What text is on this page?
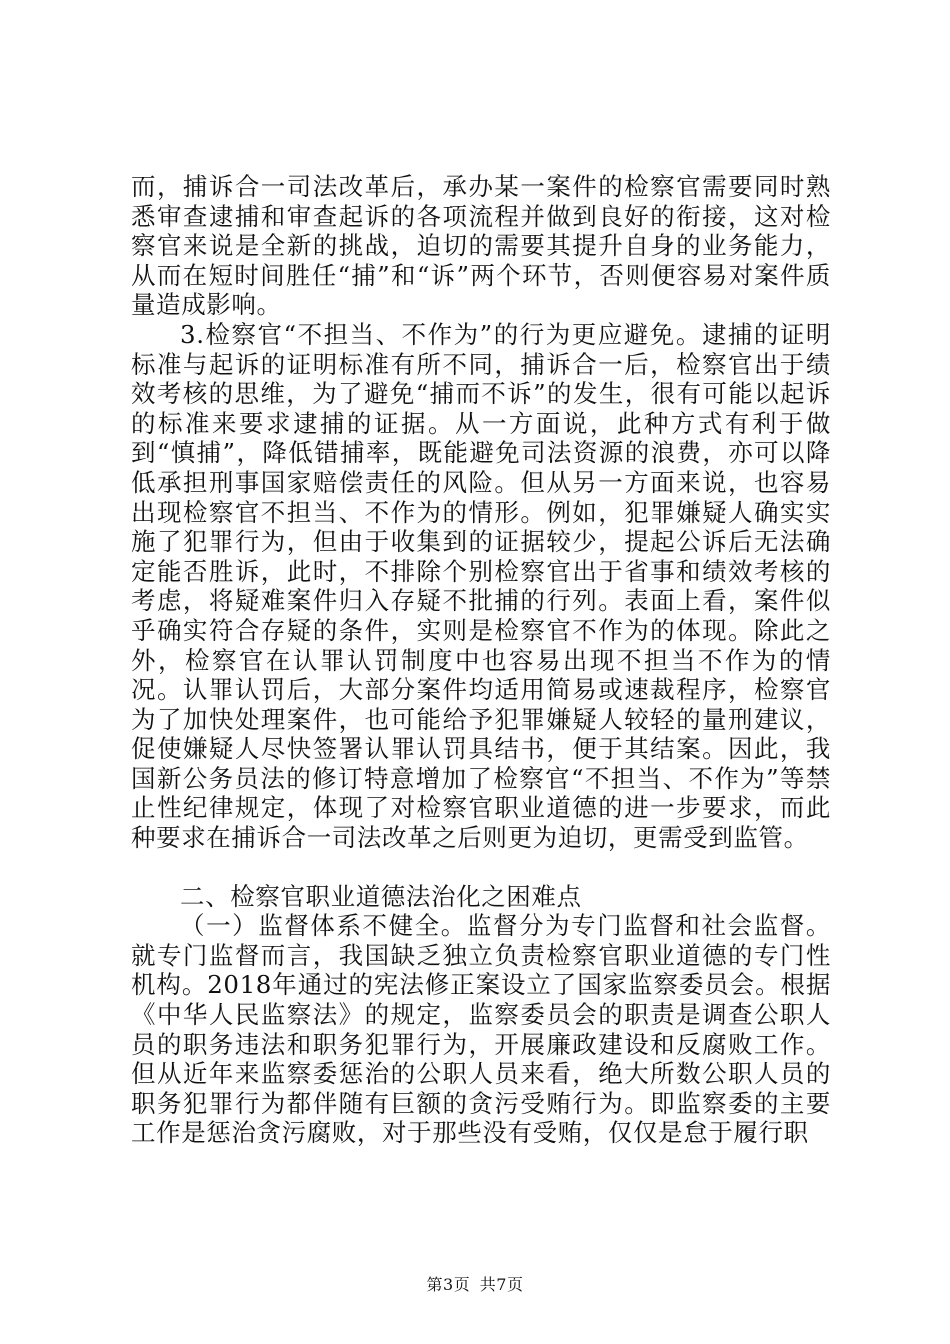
而，捕诉合一司法改革后，承办某一案件的检察官需要同时熟悉审查逮捕和审查起诉的各项流程并做到良好的衔接，这对检察官来说是全新的挑战，迫切的需要其提升自身的业务能力，从而在短时间胜任“捕”和“诉”两个环节，否则便容易对案件质量造成影响。

3.检察官“不担当、不作为”的行为更应避免。逮捕的证明标准与起诉的证明标准有所不同，捕诉合一后，检察官出于绩效考核的思维，为了避免“捕而不诉”的发生，很有可能以起诉的标准来要求逮捕的证据。从一方面说，此种方式有利于做到“慎捕”，降低错捕率，既能避免司法资源的浪费，亦可以降低承担刑事国家赔偿责任的风险。但从另一方面来说，也容易出现检察官不担当、不作为的情形。例如，犯罪嫌疑人确实实施了犯罪行为，但由于收集到的证据较少，提起公诉后无法确定能否胜诉，此时，不排除个别检察官出于省事和绩效考核的考虑，将疑难案件归入存疑不批捕的行列。表面上看，案件似乎确实符合存疑的条件，实则是检察官不作为的体现。除此之外，检察官在认罪认罚制度中也容易出现不担当不作为的情况。认罪认罚后，大部分案件均适用简易或速裁程序，检察官为了加快处理案件，也可能给予犯罪嫌疑人较轻的量刑建议，促使嫌疑人尽快签署认罪认罚具结书，便于其结案。因此，我国新公务员法的修订特意增加了检察官“不担当、不作为”等禁止性纪律规定，体现了对检察官职业道德的进一步要求，而此种要求在捕诉合一司法改革之后则更为迫切，更需受到监管。

二、检察官职业道德法治化之困难点

（一）监督体系不健全。监督分为专门监督和社会监督。就专门监督而言，我国缺乏独立负责检察官职业道德的专门性机构。2018年通过的宪法修正案设立了国家监察委员会。根据《中华人民监察法》的规定，监察委员会的职责是调查公职人员的职务违法和职务犯罪行为，开展廉政建设和反腐败工作。但从近年来监察委惩治的公职人员来看，绝大所数公职人员的职务犯罪行为都伴随有巨额的贪污受贿行为。即监察委的主要工作是惩治贪污腐败，对于那些没有受贿，仅仅是怠于履行职

第3页 共7页
